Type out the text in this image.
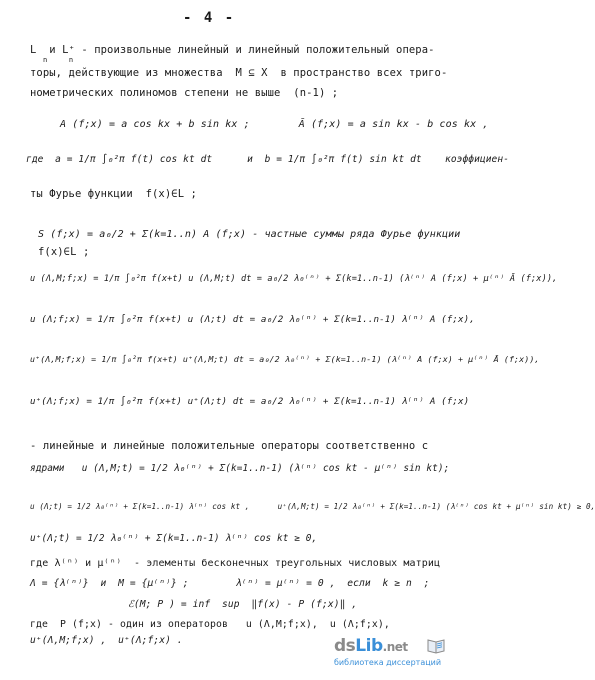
- 4 -
L  и L⁺ - произвольные линейный и линейный положительный опера-
n     n
торы, действующие из множества  M ⊆ X  в пространство всех триго-
нометрических полиномов степени не выше  (n-1) ;
A (f;x) = a cos kx + b sin kx ;        Ā (f;x) = a sin kx - b cos kx ,
где  a = 1/π ∫₀²π f(t) cos kt dt      и  b = 1/π ∫₀²π f(t) sin kt dt    коэффициен-
ты Фурье функции  f(x)∈L ;
S (f;x) = a₀/2 + Σ(k=1..n) A (f;x) - частные суммы ряда Фурье функции
f(x)∈L ;
u (Λ,M;f;x) = 1/π ∫₀²π f(x+t) u (Λ,M;t) dt = a₀/2 λ₀⁽ⁿ⁾ + Σ(k=1..n-1) (λ⁽ⁿ⁾ A (f;x) + μ⁽ⁿ⁾ Ā (f;x)),
u (Λ;f;x) = 1/π ∫₀²π f(x+t) u (Λ;t) dt = a₀/2 λ₀⁽ⁿ⁾ + Σ(k=1..n-1) λ⁽ⁿ⁾ A (f;x),
u⁺(Λ,M;f;x) = 1/π ∫₀²π f(x+t) u⁺(Λ,M;t) dt = a₀/2 λ₀⁽ⁿ⁾ + Σ(k=1..n-1) (λ⁽ⁿ⁾ A (f;x) + μ⁽ⁿ⁾ Ā (f;x)),
u⁺(Λ;f;x) = 1/π ∫₀²π f(x+t) u⁺(Λ;t) dt = a₀/2 λ₀⁽ⁿ⁾ + Σ(k=1..n-1) λ⁽ⁿ⁾ A (f;x)
- линейные и линейные положительные операторы соответственно с
ядрами   u (Λ,M;t) = 1/2 λ₀⁽ⁿ⁾ + Σ(k=1..n-1) (λ⁽ⁿ⁾ cos kt - μ⁽ⁿ⁾ sin kt);
u (Λ;t) = 1/2 λ₀⁽ⁿ⁾ + Σ(k=1..n-1) λ⁽ⁿ⁾ cos kt ,      u⁺(Λ,M;t) = 1/2 λ₀⁽ⁿ⁾ + Σ(k=1..n-1) (λ⁽ⁿ⁾ cos kt + μ⁽ⁿ⁾ sin kt) ≥ 0,
u⁺(Λ;t) = 1/2 λ₀⁽ⁿ⁾ + Σ(k=1..n-1) λ⁽ⁿ⁾ cos kt ≥ 0,
где λ⁽ⁿ⁾ и μ⁽ⁿ⁾  - элементы бесконечных треугольных числовых матриц
Λ = {λ⁽ⁿ⁾}  и  M = {μ⁽ⁿ⁾} ;        λ⁽ⁿ⁾ = μ⁽ⁿ⁾ = 0 ,  если  k ≥ n  ;
ℰ(M; P ) = inf  sup  ‖f(x) - P (f;x)‖ ,
где  P (f;x) - один из операторов   u (Λ,M;f;x),  u (Λ;f;x),
u⁺(Λ,M;f;x) ,  u⁺(Λ;f;x) .	dsLib.net
библиотека диссертаций
